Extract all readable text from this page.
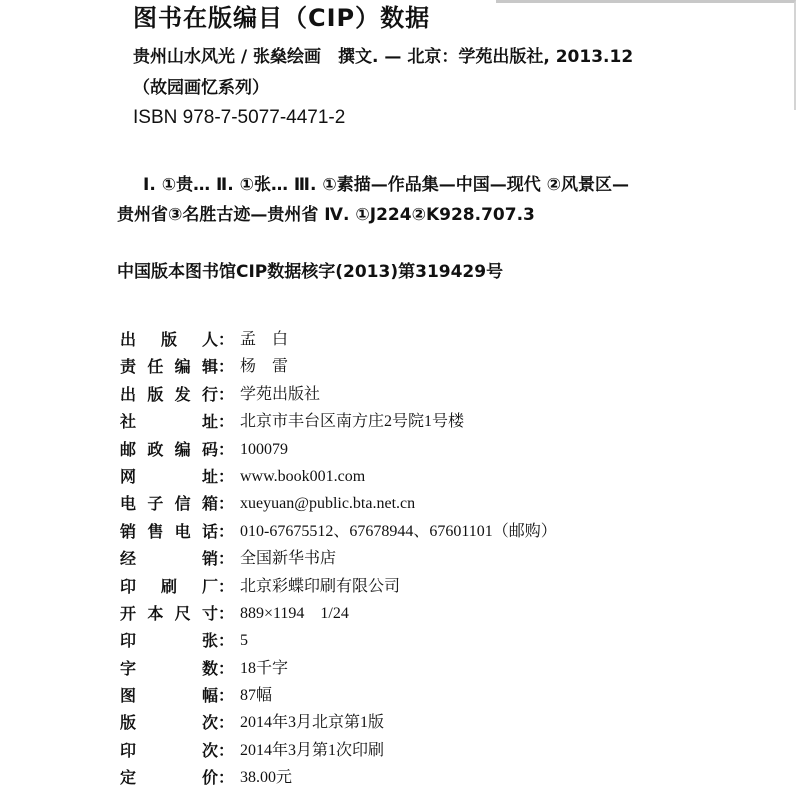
图书在版编目（CIP）数据
贵州山水风光 / 张燊绘画　撰文. — 北京：学苑出版社, 2013.12
（故园画忆系列）
ISBN 978-7-5077-4471-2
Ⅰ. ①贵… Ⅱ. ①张… Ⅲ. ①素描—作品集—中国—现代 ②风景区—
贵州省③名胜古迹—贵州省 Ⅳ. ①J224②K928.707.3
中国版本图书馆CIP数据核字(2013)第319429号
出版人： 孟　白
责任编辑： 杨　雷
出版发行： 学苑出版社
社址： 北京市丰台区南方庄2号院1号楼
邮政编码： 100079
网址： www.book001.com
电子信箱： xueyuan@public.bta.net.cn
销售电话： 010-67675512、67678944、67601101（邮购）
经销： 全国新华书店
印刷厂： 北京彩蝶印刷有限公司
开本尺寸： 889×1194　1/24
印张： 5
字数： 18千字
图幅： 87幅
版次： 2014年3月北京第1版
印次： 2014年3月第1次印刷
定价： 38.00元
